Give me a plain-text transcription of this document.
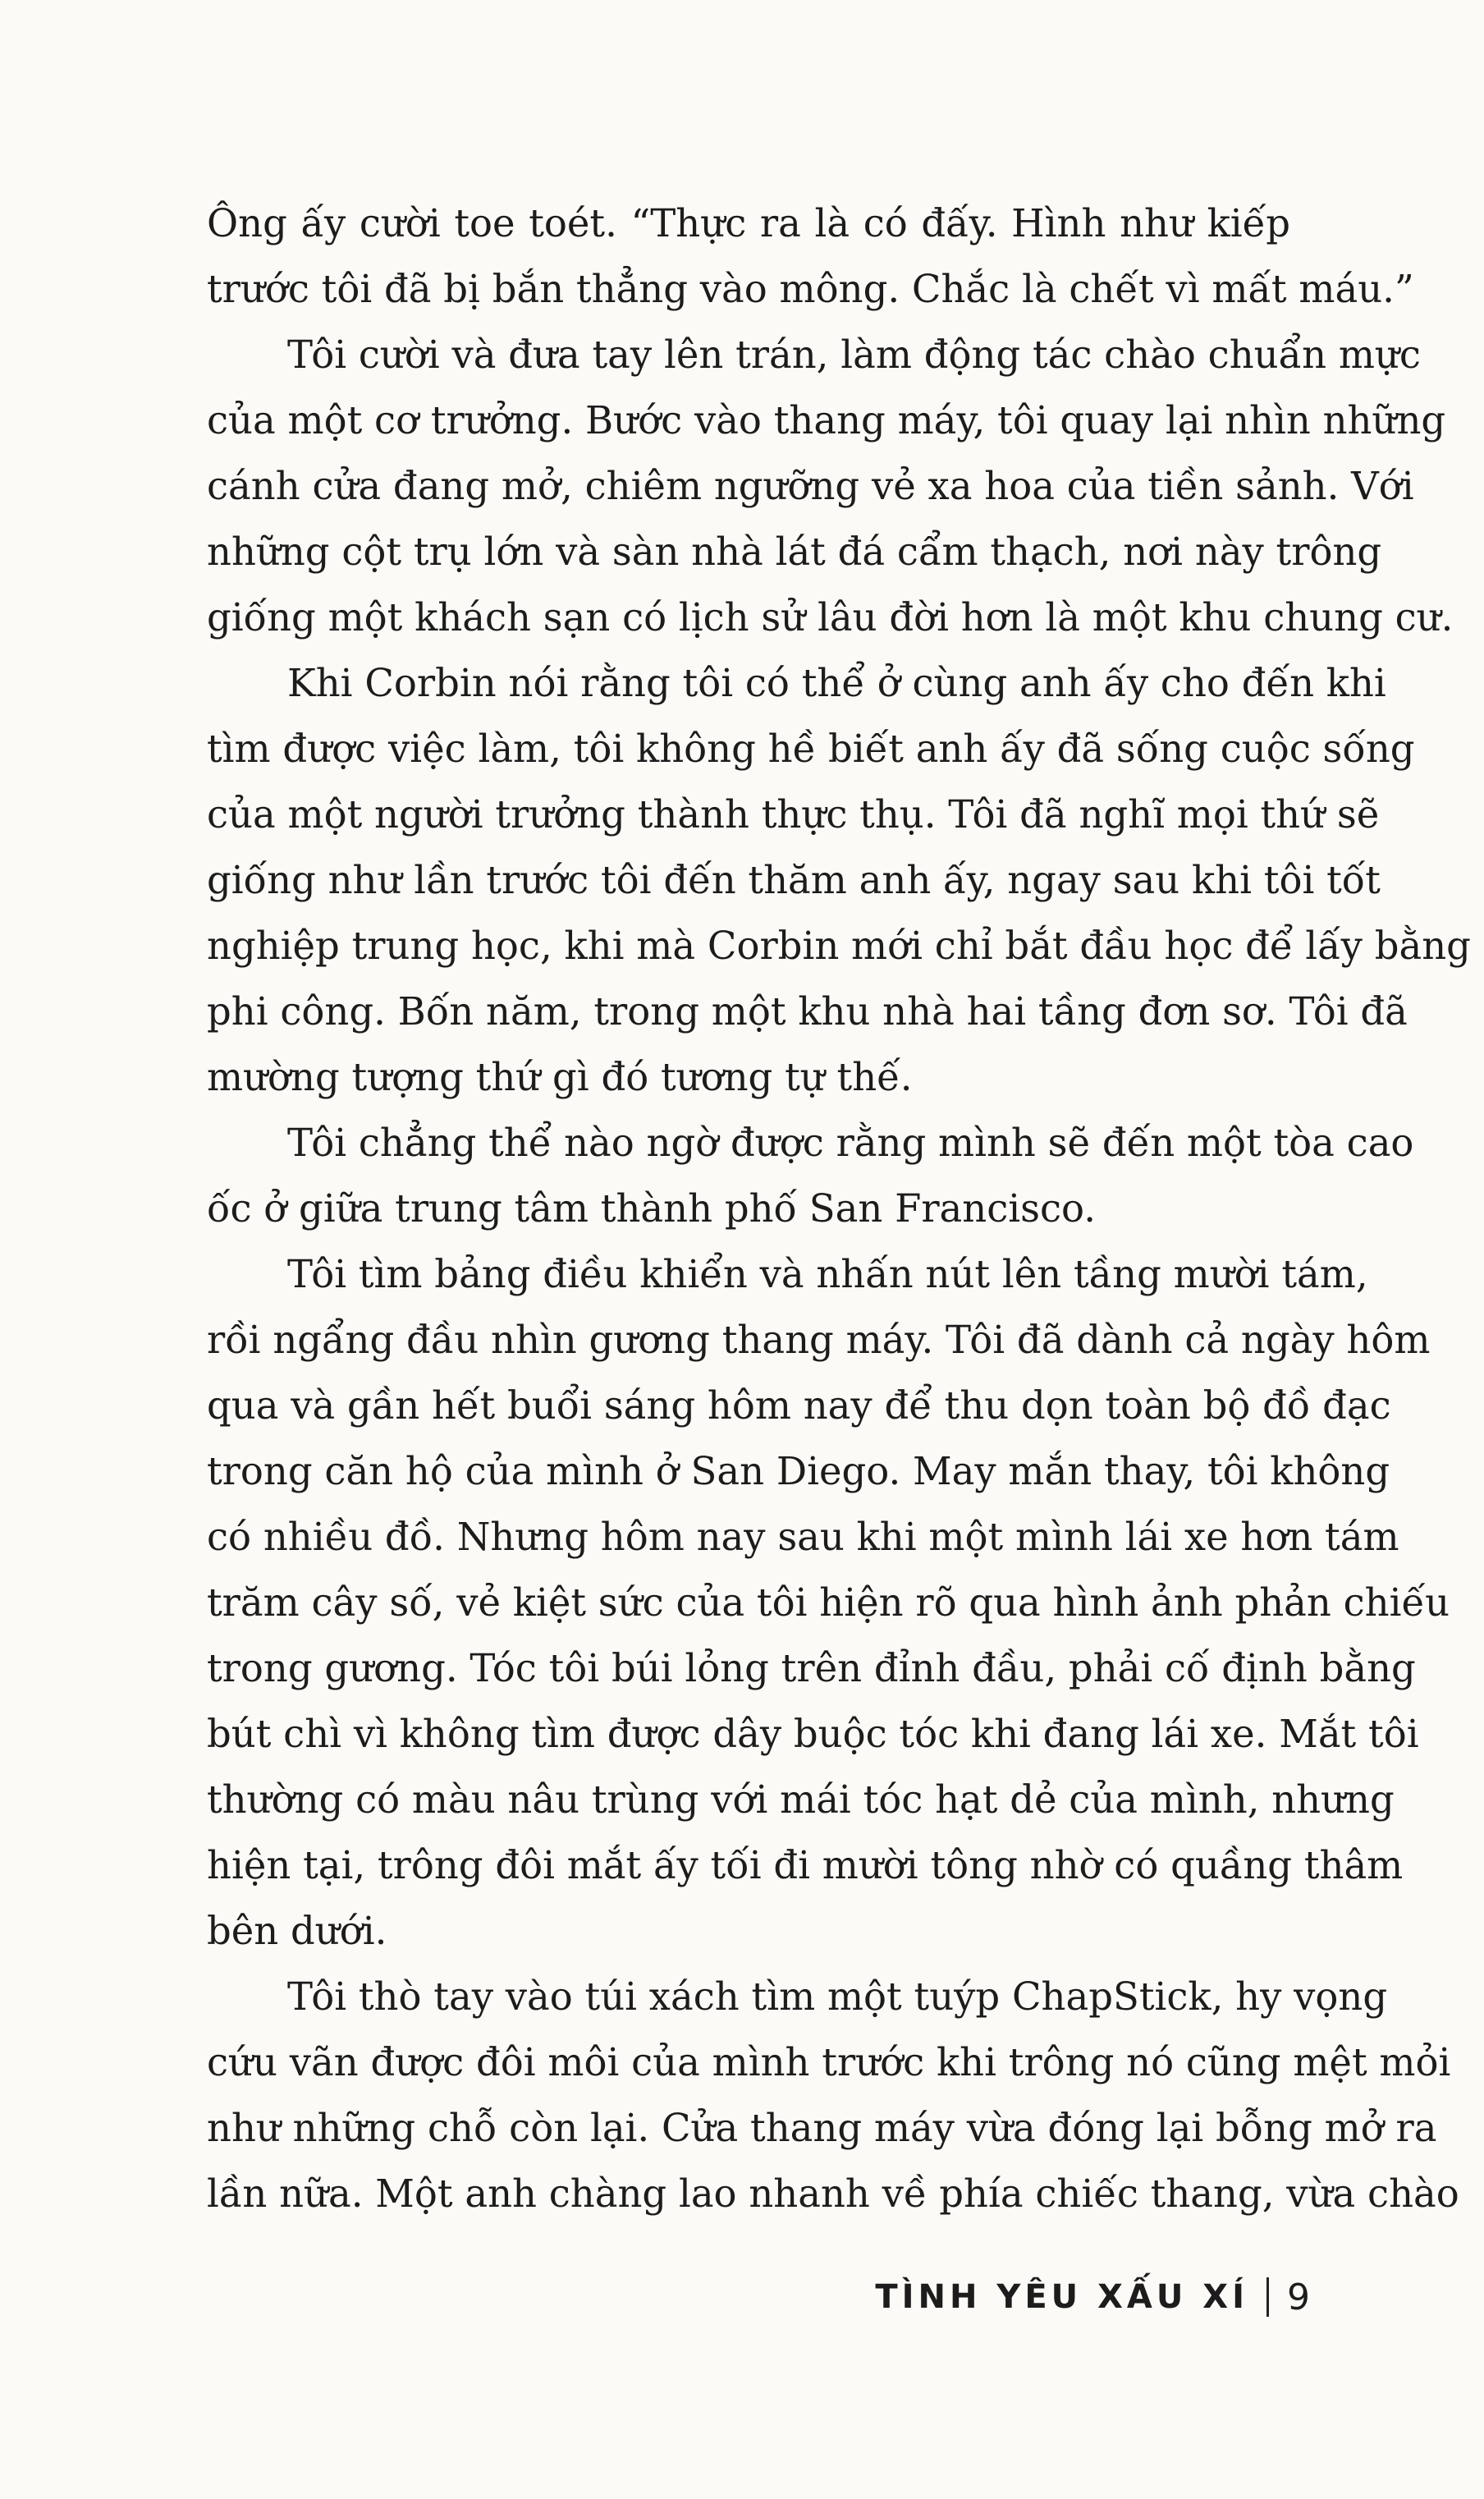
Ông ấy cười toe toét. “Thực ra là có đấy. Hình như kiếp
trước tôi đã bị bắn thẳng vào mông. Chắc là chết vì mất máu.”

Tôi cười và đưa tay lên trán, làm động tác chào chuẩn mực
của một cơ trưởng. Bước vào thang máy, tôi quay lại nhìn những
cánh cửa đang mở, chiêm ngưỡng vẻ xa hoa của tiền sảnh. Với
những cột trụ lớn và sàn nhà lát đá cẩm thạch, nơi này trông
giống một khách sạn có lịch sử lâu đời hơn là một khu chung cư.

Khi Corbin nói rằng tôi có thể ở cùng anh ấy cho đến khi
tìm được việc làm, tôi không hề biết anh ấy đã sống cuộc sống
của một người trưởng thành thực thụ. Tôi đã nghĩ mọi thứ sẽ
giống như lần trước tôi đến thăm anh ấy, ngay sau khi tôi tốt
nghiệp trung học, khi mà Corbin mới chỉ bắt đầu học để lấy bằng
phi công. Bốn năm, trong một khu nhà hai tầng đơn sơ. Tôi đã
mường tượng thứ gì đó tương tự thế.

Tôi chẳng thể nào ngờ được rằng mình sẽ đến một tòa cao
ốc ở giữa trung tâm thành phố San Francisco.

Tôi tìm bảng điều khiển và nhấn nút lên tầng mười tám,
rồi ngẩng đầu nhìn gương thang máy. Tôi đã dành cả ngày hôm
qua và gần hết buổi sáng hôm nay để thu dọn toàn bộ đồ đạc
trong căn hộ của mình ở San Diego. May mắn thay, tôi không
có nhiều đồ. Nhưng hôm nay sau khi một mình lái xe hơn tám
trăm cây số, vẻ kiệt sức của tôi hiện rõ qua hình ảnh phản chiếu
trong gương. Tóc tôi búi lỏng trên đỉnh đầu, phải cố định bằng
bút chì vì không tìm được dây buộc tóc khi đang lái xe. Mắt tôi
thường có màu nâu trùng với mái tóc hạt dẻ của mình, nhưng
hiện tại, trông đôi mắt ấy tối đi mười tông nhờ có quầng thâm
bên dưới.

Tôi thò tay vào túi xách tìm một tuýp ChapStick, hy vọng
cứu vãn được đôi môi của mình trước khi trông nó cũng mệt mỏi
như những chỗ còn lại. Cửa thang máy vừa đóng lại bỗng mở ra
lần nữa. Một anh chàng lao nhanh về phía chiếc thang, vừa chào

TÌNH YÊU XẤU XÍ 9
